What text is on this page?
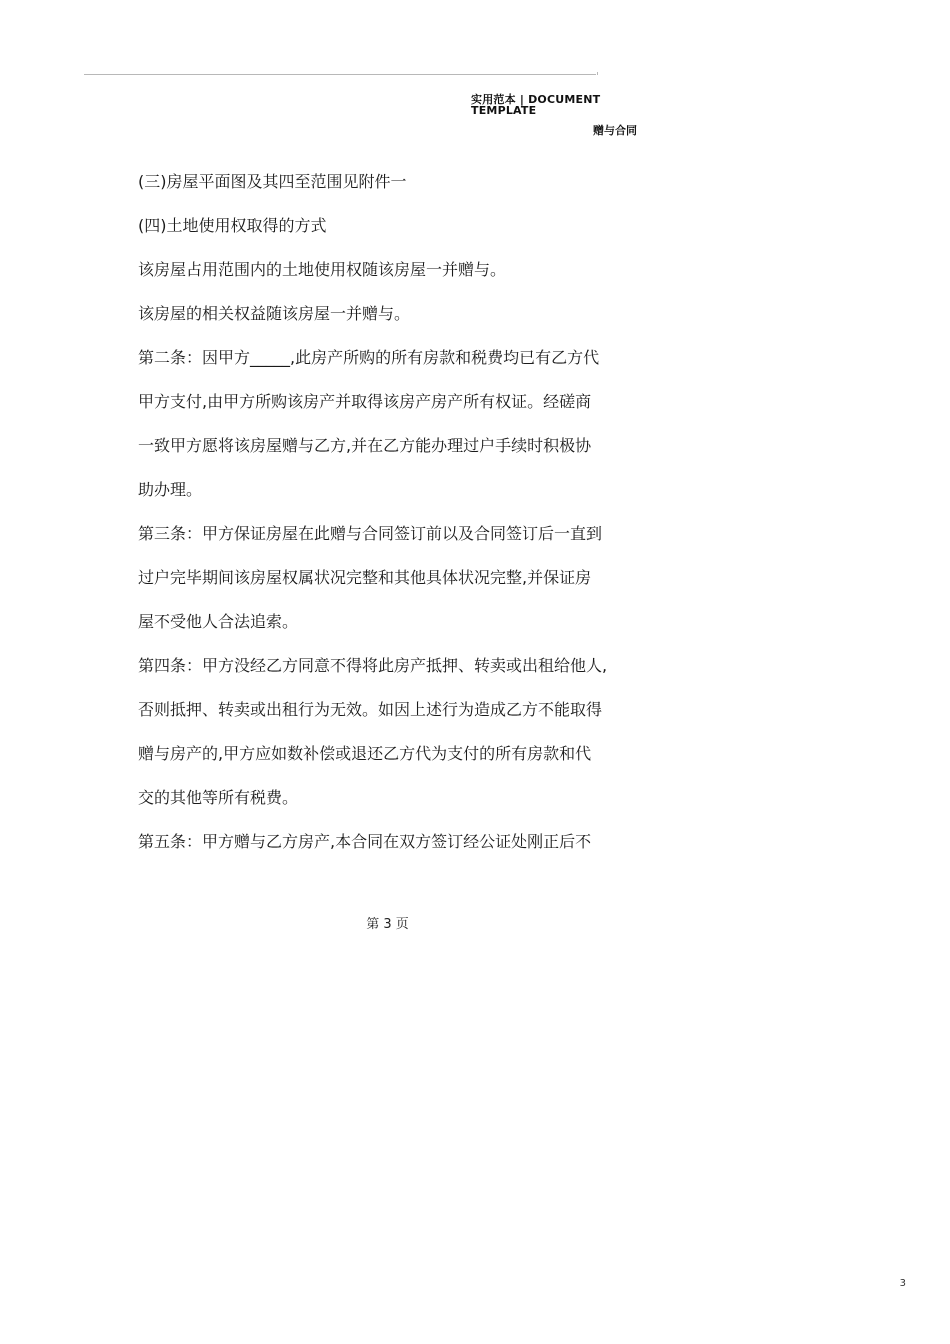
实用范本 | DOCUMENT TEMPLATE
赠与合同

(三)房屋平面图及其四至范围见附件一

(四)土地使用权取得的方式

该房屋占用范围内的土地使用权随该房屋一并赠与。

该房屋的相关权益随该房屋一并赠与。

第二条：因甲方_____,此房产所购的所有房款和税费均已有乙方代

甲方支付,由甲方所购该房产并取得该房产房产所有权证。经磋商

一致甲方愿将该房屋赠与乙方,并在乙方能办理过户手续时积极协

助办理。

第三条：甲方保证房屋在此赠与合同签订前以及合同签订后一直到

过户完毕期间该房屋权属状况完整和其他具体状况完整,并保证房

屋不受他人合法追索。

第四条：甲方没经乙方同意不得将此房产抵押、转卖或出租给他人,

否则抵押、转卖或出租行为无效。如因上述行为造成乙方不能取得

赠与房产的,甲方应如数补偿或退还乙方代为支付的所有房款和代

交的其他等所有税费。

第五条：甲方赠与乙方房产,本合同在双方签订经公证处刚正后不

第 3 页
3
